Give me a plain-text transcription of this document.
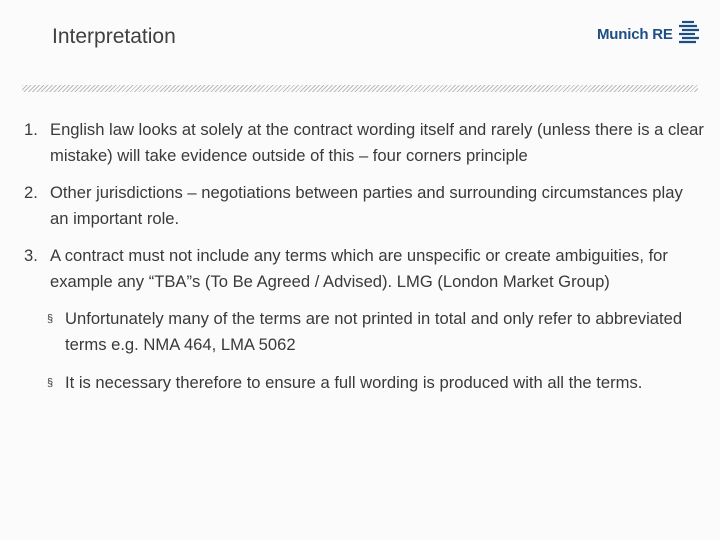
Interpretation	Munich RE
1. English law looks at solely at the contract wording itself and rarely (unless there is a clear mistake) will take evidence outside of this – four corners principle
2. Other jurisdictions – negotiations between parties and surrounding circumstances play an important role.
3. A contract must not include any terms which are unspecific or create ambiguities, for example any “TBA”s (To Be Agreed / Advised). LMG (London Market Group)
§ Unfortunately many of the terms are not printed in total and only refer to abbreviated terms e.g. NMA 464, LMA 5062
§ It is necessary therefore to ensure a full wording is produced with all the terms.
